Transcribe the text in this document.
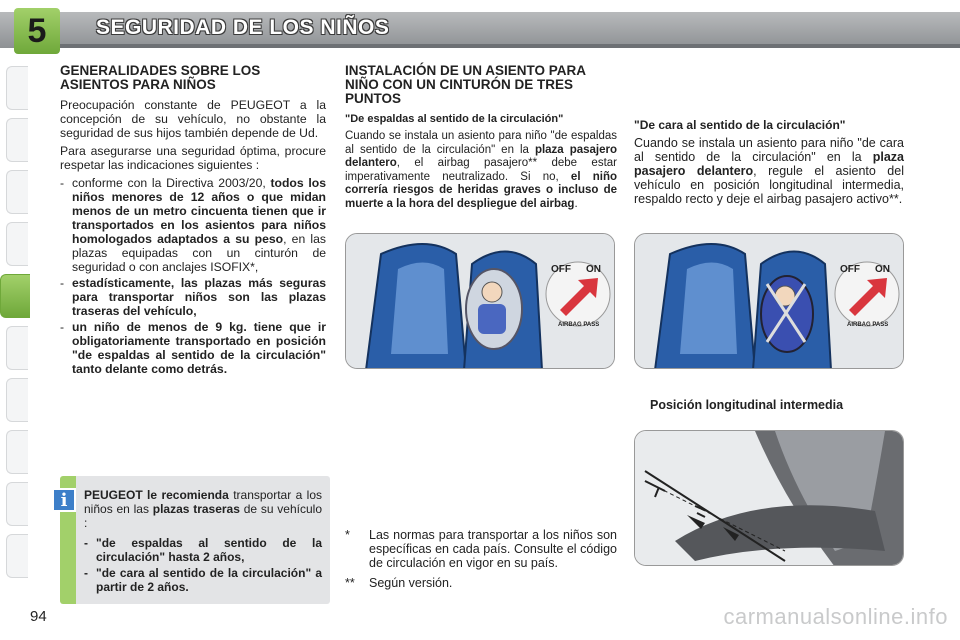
5	SEGURIDAD DE LOS NIÑOS
GENERALIDADES SOBRE LOS ASIENTOS PARA NIÑOS

Preocupación constante de PEUGEOT a la concepción de su vehículo, no obstante la seguridad de sus hijos también depende de Ud.

Para asegurarse una seguridad óptima, procure respetar las indicaciones siguientes :

- conforme con la Directiva 2003/20, todos los niños menores de 12 años o que midan menos de un metro cincuenta tienen que ir transportados en los asientos para niños homologados adaptados a su peso, en las plazas equipadas con un cinturón de seguridad o con anclajes ISOFIX*,
- estadísticamente, las plazas más seguras para transportar niños son las plazas traseras del vehículo,
- un niño de menos de 9 kg. tiene que ir obligatoriamente transportado en posición "de espaldas al sentido de la circulación" tanto delante como detrás.

PEUGEOT le recomienda transportar a los niños en las plazas traseras de su vehículo :

- "de espaldas al sentido de la circulación" hasta 2 años,
- "de cara al sentido de la circulación" a partir de 2 años.
i
INSTALACIÓN DE UN ASIENTO PARA NIÑO CON UN CINTURÓN DE TRES PUNTOS
"De espaldas al sentido de la circulación"

Cuando se instala un asiento para niño "de espaldas al sentido de la circulación" en la plaza pasajero delantero, el airbag pasajero** debe estar imperativamente neutralizado. Si no, el niño correría riesgos de heridas graves o incluso de muerte a la hora del despliegue del airbag.

"De cara al sentido de la circulación"

Cuando se instala un asiento para niño "de cara al sentido de la circulación" en la plaza pasajero delantero, regule el asiento del vehículo en posición longitudinal intermedia, respaldo recto y deje el airbag pasajero activo**.

OFF ON
AIRBAG PASS
OFF ON
AIRBAG PASS
Posición longitudinal intermedia
*	Las normas para transportar a los niños son específicas en cada país. Consulte el código de circulación en vigor en su país.
**	Según versión.
94	carmanualsonline.info
